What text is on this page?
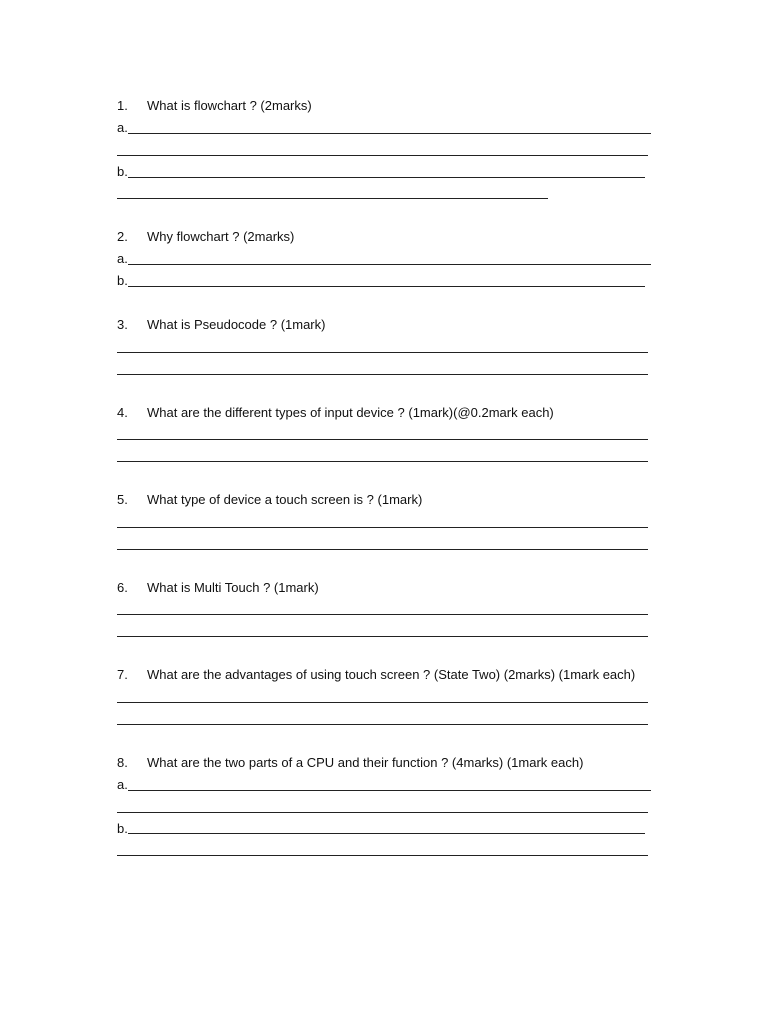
1.	What is flowchart ? (2marks)
a.
b.
2.	Why flowchart ? (2marks)
a.
b.
3.	What is Pseudocode ? (1mark)
4.	What are the different types of input device ? (1mark)(@0.2mark each)
5.	What type of device a touch screen is ? (1mark)
6.	What is Multi Touch ? (1mark)
7.	What are the advantages of using touch screen ? (State Two) (2marks) (1mark each)
8.	What are the two parts of a CPU and their function ? (4marks) (1mark each)
a.
b.
